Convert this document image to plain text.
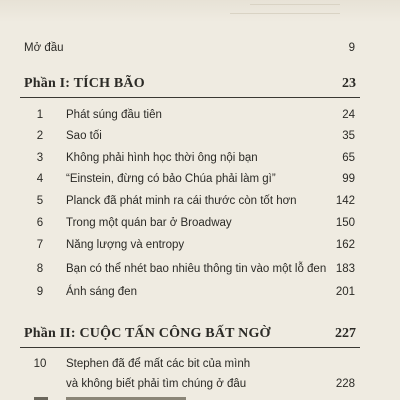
Mở đầu	9
Phần I: TÍCH BÃO	23
1	Phát súng đầu tiên	24
2	Sao tối	35
3	Không phải hình học thời ông nội bạn	65
4	“Einstein, đừng có bảo Chúa phải làm gì”	99
5	Planck đã phát minh ra cái thước còn tốt hơn	142
6	Trong một quán bar ở Broadway	150
7	Năng lượng và entropy	162
8	Bạn có thể nhét bao nhiêu thông tin vào một lỗ đen 183
9	Ánh sáng đen	201
Phần II: CUỘC TẤN CÔNG BẤT NGỜ	227
10	Stephen đã để mất các bit của mình
và không biết phải tìm chúng ở đâu	228
